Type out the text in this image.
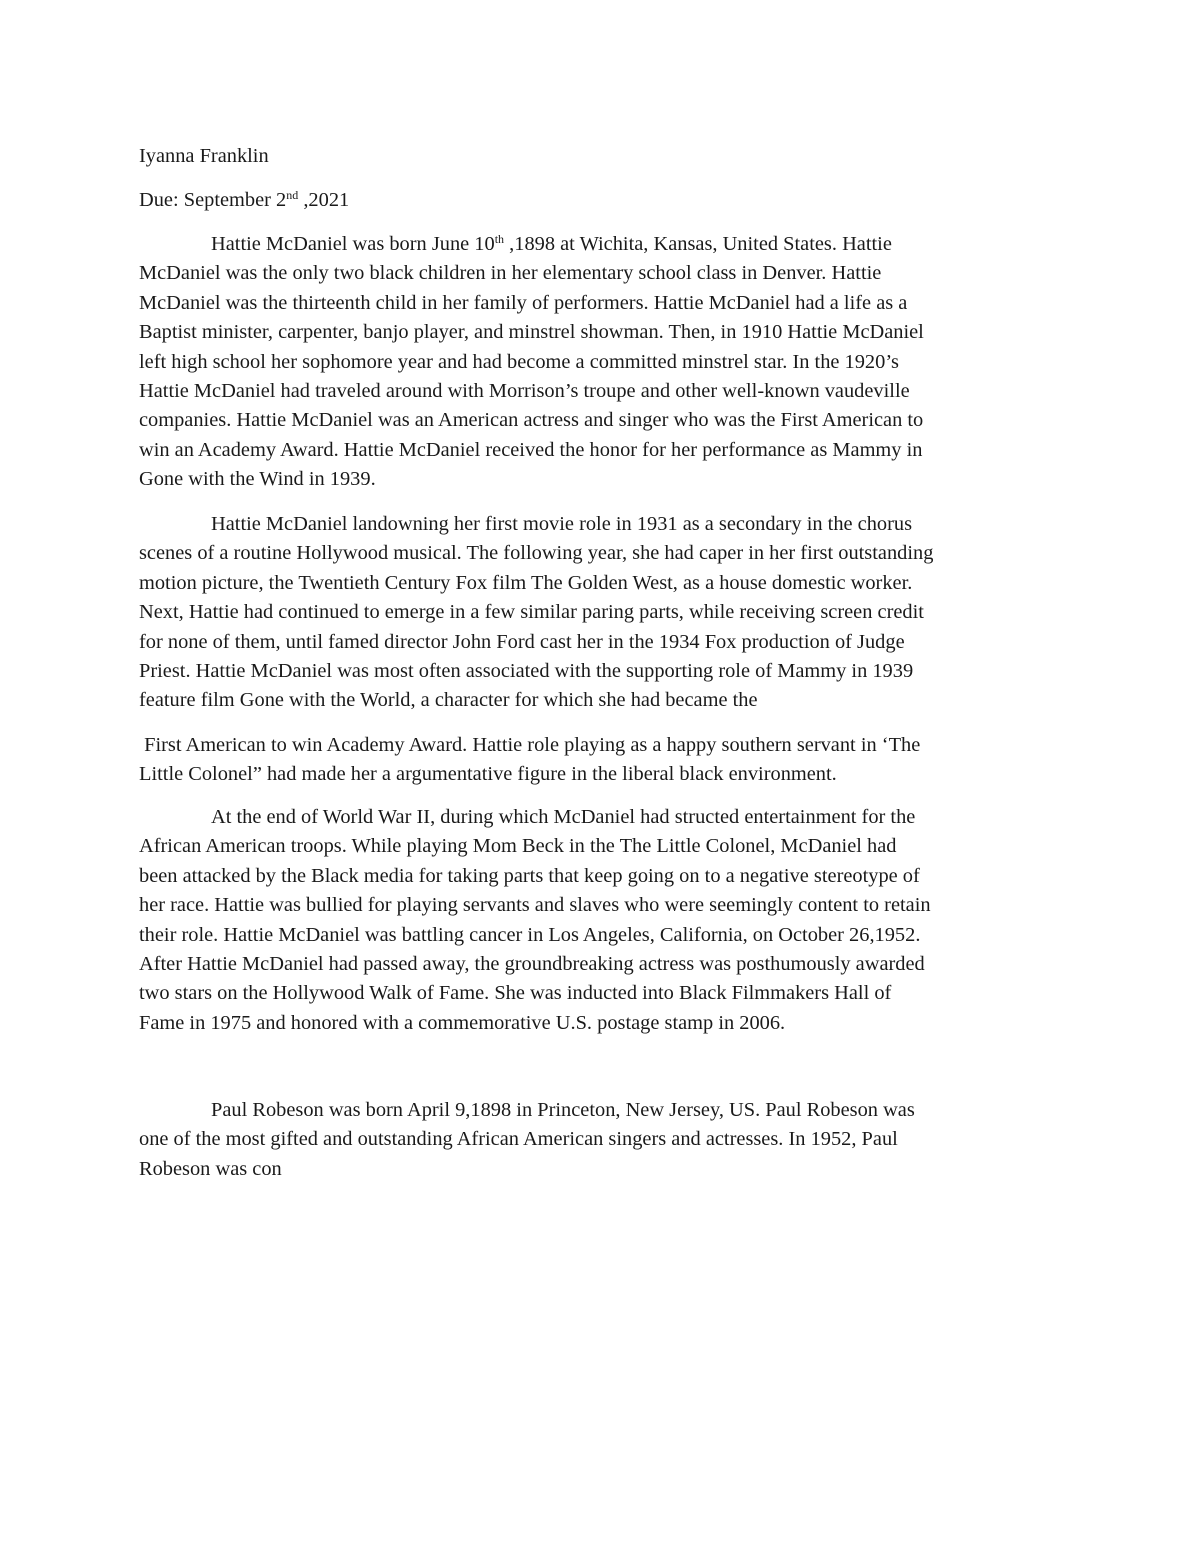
Iyanna Franklin
Due: September 2nd ,2021
Hattie McDaniel was born June 10th ,1898 at Wichita, Kansas, United States. Hattie
McDaniel was the only two black children in her elementary school class in Denver. Hattie
McDaniel was the thirteenth child in her family of performers. Hattie McDaniel had a life as a
Baptist minister, carpenter, banjo player, and minstrel showman. Then, in 1910 Hattie McDaniel
left high school her sophomore year and had become a committed minstrel star. In the 1920’s
Hattie McDaniel had traveled around with Morrison’s troupe and other well-known vaudeville
companies. Hattie McDaniel was an American actress and singer who was the First American to
win an Academy Award. Hattie McDaniel received the honor for her performance as Mammy in
Gone with the Wind in 1939.
Hattie McDaniel landowning her first movie role in 1931 as a secondary in the chorus
scenes of a routine Hollywood musical. The following year, she had caper in her first outstanding
motion picture, the Twentieth Century Fox film The Golden West, as a house domestic worker.
Next, Hattie had continued to emerge in a few similar paring parts, while receiving screen credit
for none of them, until famed director John Ford cast her in the 1934 Fox production of Judge
Priest. Hattie McDaniel was most often associated with the supporting role of Mammy in 1939
feature film Gone with the World, a character for which she had became the
First American to win Academy Award. Hattie role playing as a happy southern servant in ‘The
Little Colonel” had made her a argumentative figure in the liberal black environment.
At the end of World War II, during which McDaniel had structed entertainment for the
African American troops. While playing Mom Beck in the The Little Colonel, McDaniel had
been attacked by the Black media for taking parts that keep going on to a negative stereotype of
her race. Hattie was bullied for playing servants and slaves who were seemingly content to retain
their role. Hattie McDaniel was battling cancer in Los Angeles, California, on October 26,1952.
After Hattie McDaniel had passed away, the groundbreaking actress was posthumously awarded
two stars on the Hollywood Walk of Fame. She was inducted into Black Filmmakers Hall of
Fame in 1975 and honored with a commemorative U.S. postage stamp in 2006.
Paul Robeson was born April 9,1898 in Princeton, New Jersey, US. Paul Robeson was
one of the most gifted and outstanding African American singers and actresses. In 1952, Paul
Robeson was con
